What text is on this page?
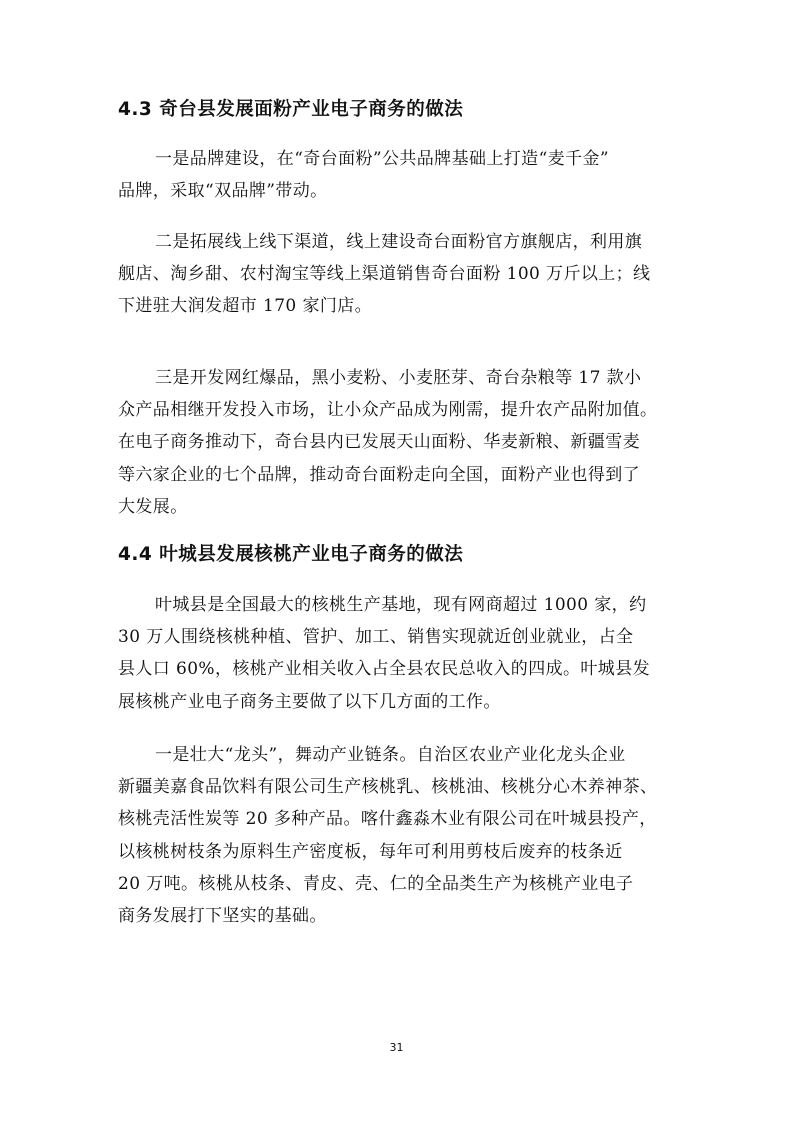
4.3 奇台县发展面粉产业电子商务的做法
一是品牌建设，在“奇台面粉”公共品牌基础上打造“麦千金”
品牌，采取“双品牌”带动。
二是拓展线上线下渠道，线上建设奇台面粉官方旗舰店，利用旗
舰店、淘乡甜、农村淘宝等线上渠道销售奇台面粉 100 万斤以上；线
下进驻大润发超市 170 家门店。
三是开发网红爆品，黑小麦粉、小麦胚芽、奇台杂粮等 17 款小
众产品相继开发投入市场，让小众产品成为刚需，提升农产品附加值。
在电子商务推动下，奇台县内已发展天山面粉、华麦新粮、新疆雪麦
等六家企业的七个品牌，推动奇台面粉走向全国，面粉产业也得到了
大发展。
4.4 叶城县发展核桃产业电子商务的做法
叶城县是全国最大的核桃生产基地，现有网商超过 1000 家，约
30 万人围绕核桃种植、管护、加工、销售实现就近创业就业，占全
县人口 60%，核桃产业相关收入占全县农民总收入的四成。叶城县发
展核桃产业电子商务主要做了以下几方面的工作。
一是壮大“龙头”，舞动产业链条。自治区农业产业化龙头企业
新疆美嘉食品饮料有限公司生产核桃乳、核桃油、核桃分心木养神茶、
核桃壳活性炭等 20 多种产品。喀什鑫淼木业有限公司在叶城县投产，
以核桃树枝条为原料生产密度板，每年可利用剪枝后废弃的枝条近
20 万吨。核桃从枝条、青皮、壳、仁的全品类生产为核桃产业电子
商务发展打下坚实的基础。
31
